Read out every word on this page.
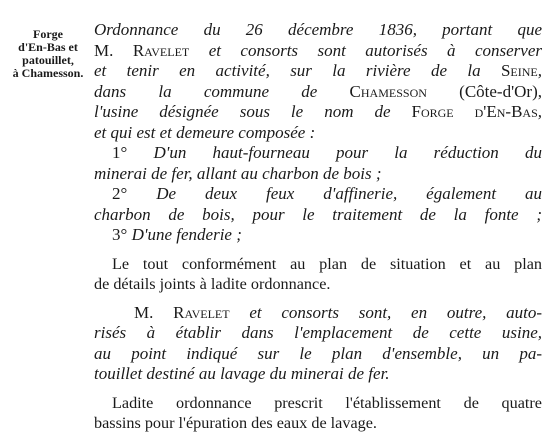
Forge
d'En-Bas et
patouillet,
à Chamesson.
Ordonnance du 26 décembre 1836, portant que
M. Ravelet et consorts sont autorisés à conserver
et tenir en activité, sur la rivière de la Seine,
dans la commune de Chamesson (Côte-d'Or),
l'usine désignée sous le nom de Forge d'En-Bas,
et qui est et demeure composée :
1° D'un haut-fourneau pour la réduction du
minerai de fer, allant au charbon de bois ;
2° De deux feux d'affinerie, également au
charbon de bois, pour le traitement de la fonte ;
3° D'une fenderie ;
Le tout conformément au plan de situation et au plan
de détails joints à ladite ordonnance.
M. Ravelet et consorts sont, en outre, auto-
risés à établir dans l'emplacement de cette usine,
au point indiqué sur le plan d'ensemble, un pa-
touillet destiné au lavage du minerai de fer.
Ladite ordonnance prescrit l'établissement de quatre
bassins pour l'épuration des eaux de lavage.
